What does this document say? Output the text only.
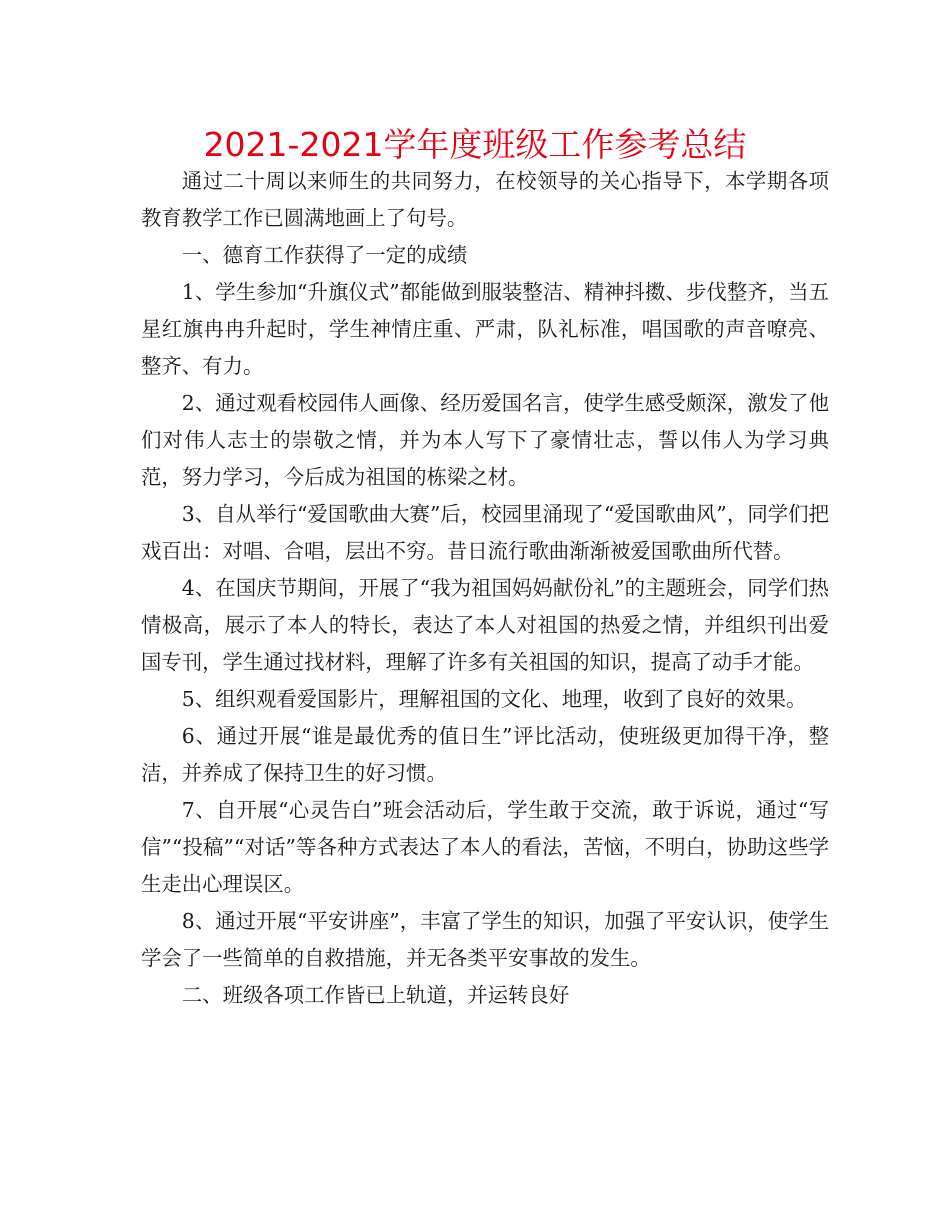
2021-2021学年度班级工作参考总结

通过二十周以来师生的共同努力，在校领导的关心指导下，本学期各项教育教学工作已圆满地画上了句号。

一、德育工作获得了一定的成绩

1、学生参加“升旗仪式”都能做到服装整洁、精神抖擞、步伐整齐，当五星红旗冉冉升起时，学生神情庄重、严肃，队礼标准，唱国歌的声音嘹亮、整齐、有力。

2、通过观看校园伟人画像、经历爱国名言，使学生感受颇深，激发了他们对伟人志士的崇敬之情，并为本人写下了豪情壮志，誓以伟人为学习典范，努力学习，今后成为祖国的栋梁之材。

3、自从举行“爱国歌曲大赛”后，校园里涌现了“爱国歌曲风”，同学们把戏百出：对唱、合唱，层出不穷。昔日流行歌曲渐渐被爱国歌曲所代替。

4、在国庆节期间，开展了“我为祖国妈妈献份礼”的主题班会，同学们热情极高，展示了本人的特长，表达了本人对祖国的热爱之情，并组织刊出爱国专刊，学生通过找材料，理解了许多有关祖国的知识，提高了动手才能。

5、组织观看爱国影片，理解祖国的文化、地理，收到了良好的效果。

6、通过开展“谁是最优秀的值日生”评比活动，使班级更加得干净，整洁，并养成了保持卫生的好习惯。

7、自开展“心灵告白”班会活动后，学生敢于交流，敢于诉说，通过“写信”“投稿”“对话”等各种方式表达了本人的看法，苦恼，不明白，协助这些学生走出心理误区。

8、通过开展“平安讲座”，丰富了学生的知识，加强了平安认识，使学生学会了一些简单的自救措施，并无各类平安事故的发生。

二、班级各项工作皆已上轨道，并运转良好
